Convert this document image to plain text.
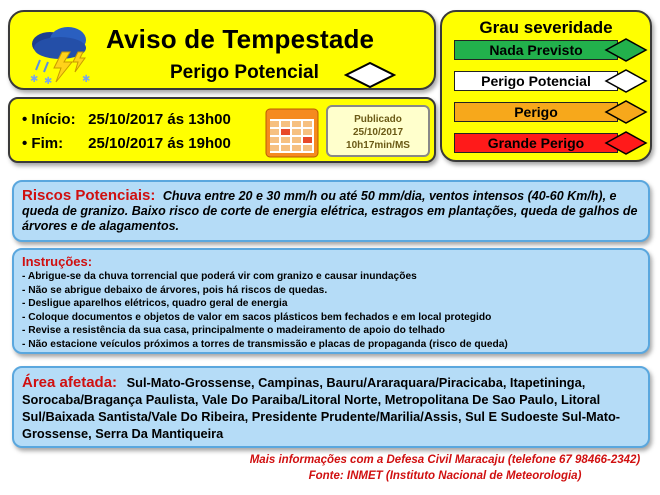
✱ ✱	✱
Aviso de Tempestade
Perigo Potencial
Grau severidade
Nada Previsto
Perigo Potencial
Perigo
Grande Perigo
• Início: 25/10/2017 ás 13h00
• Fim: 25/10/2017 ás 19h00
Publicado
25/10/2017
10h17min/MS
Riscos Potenciais: Chuva entre 20 e 30 mm/h ou até 50 mm/dia, ventos intensos (40-60 Km/h), e queda de granizo. Baixo risco de corte de energia elétrica, estragos em plantações, queda de galhos de árvores e de alagamentos.
Instruções:
- Abrigue-se da chuva torrencial que poderá vir com granizo e causar inundações
- Não se abrigue debaixo de árvores, pois há riscos de quedas.
- Desligue aparelhos elétricos, quadro geral de energia
- Coloque documentos e objetos de valor em sacos plásticos bem fechados e em local protegido
- Revise a resistência da sua casa, principalmente o madeiramento de apoio do telhado
- Não estacione veículos próximos a torres de transmissão e placas de propaganda (risco de queda)
Área afetada: Sul-Mato-Grossense, Campinas, Bauru/Araraquara/Piracicaba, Itapetininga, Sorocaba/Bragança Paulista, Vale Do Paraiba/Litoral Norte, Metropolitana De Sao Paulo, Litoral Sul/Baixada Santista/Vale Do Ribeira, Presidente Prudente/Marilia/Assis, Sul E Sudoeste Sul-Mato-Grossense, Serra Da Mantiqueira
Mais informações com a Defesa Civil Maracaju (telefone 67 98466-2342)
Fonte: INMET (Instituto Nacional de Meteorologia)
